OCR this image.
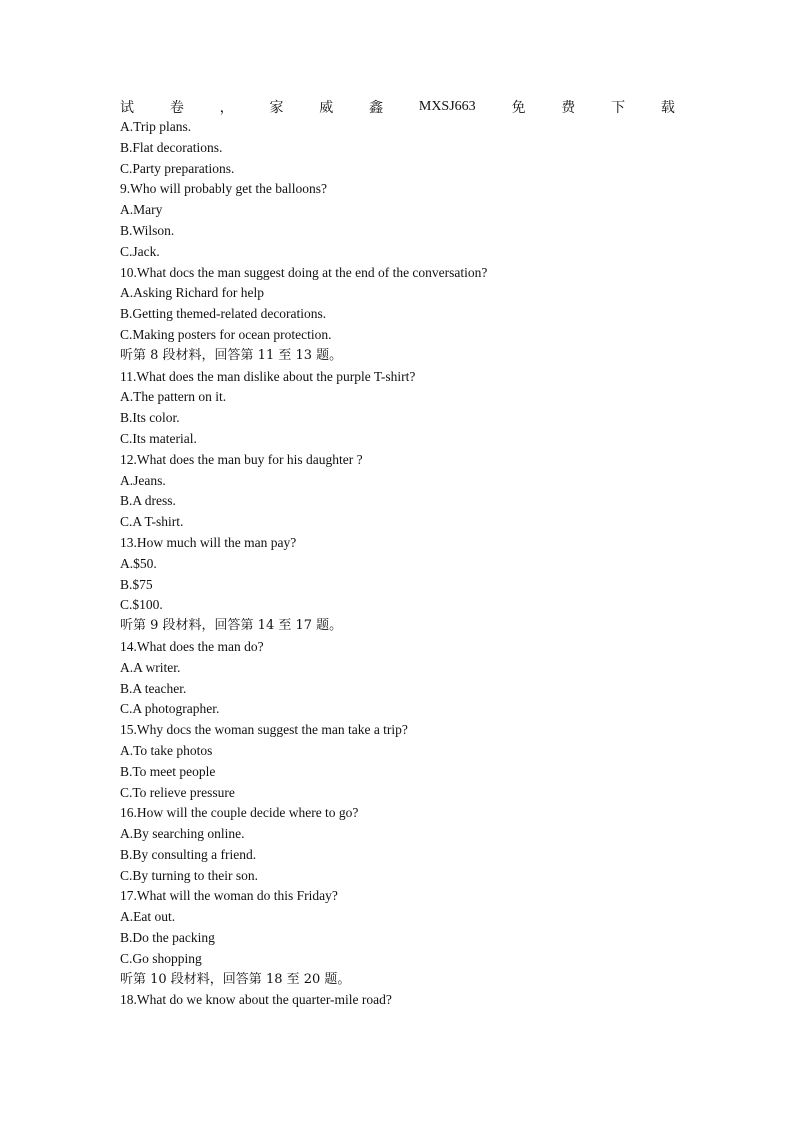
试	卷	，	家	威	鑫	MXSJ663	免	费	下	载
A.Trip plans.
B.Flat decorations.
C.Party preparations.
9.Who will probably get the balloons?
A.Mary
B.Wilson.
C.Jack.
10.What docs the man suggest doing at the end of the conversation?
A.Asking Richard for help
B.Getting themed-related decorations.
C.Making posters for ocean protection.
听第 8 段材料，回答第 11 至 13 题。
11.What does the man dislike about the purple T-shirt?
A.The pattern on it.
B.Its color.
C.Its material.
12.What does the man buy for his daughter ?
A.Jeans.
B.A dress.
C.A T-shirt.
13.How much will the man pay?
A.$50.
B.$75
C.$100.
听第 9 段材料，回答第 14 至 17 题。
14.What does the man do?
A.A writer.
B.A teacher.
C.A photographer.
15.Why docs the woman suggest the man take a trip?
A.To take photos
B.To meet people
C.To relieve pressure
16.How will the couple decide where to go?
A.By searching online.
B.By consulting a friend.
C.By turning to their son.
17.What will the woman do this Friday?
A.Eat out.
B.Do the packing
C.Go shopping
听第 10 段材料，回答第 18 至 20 题。
18.What do we know about the quarter-mile road?
